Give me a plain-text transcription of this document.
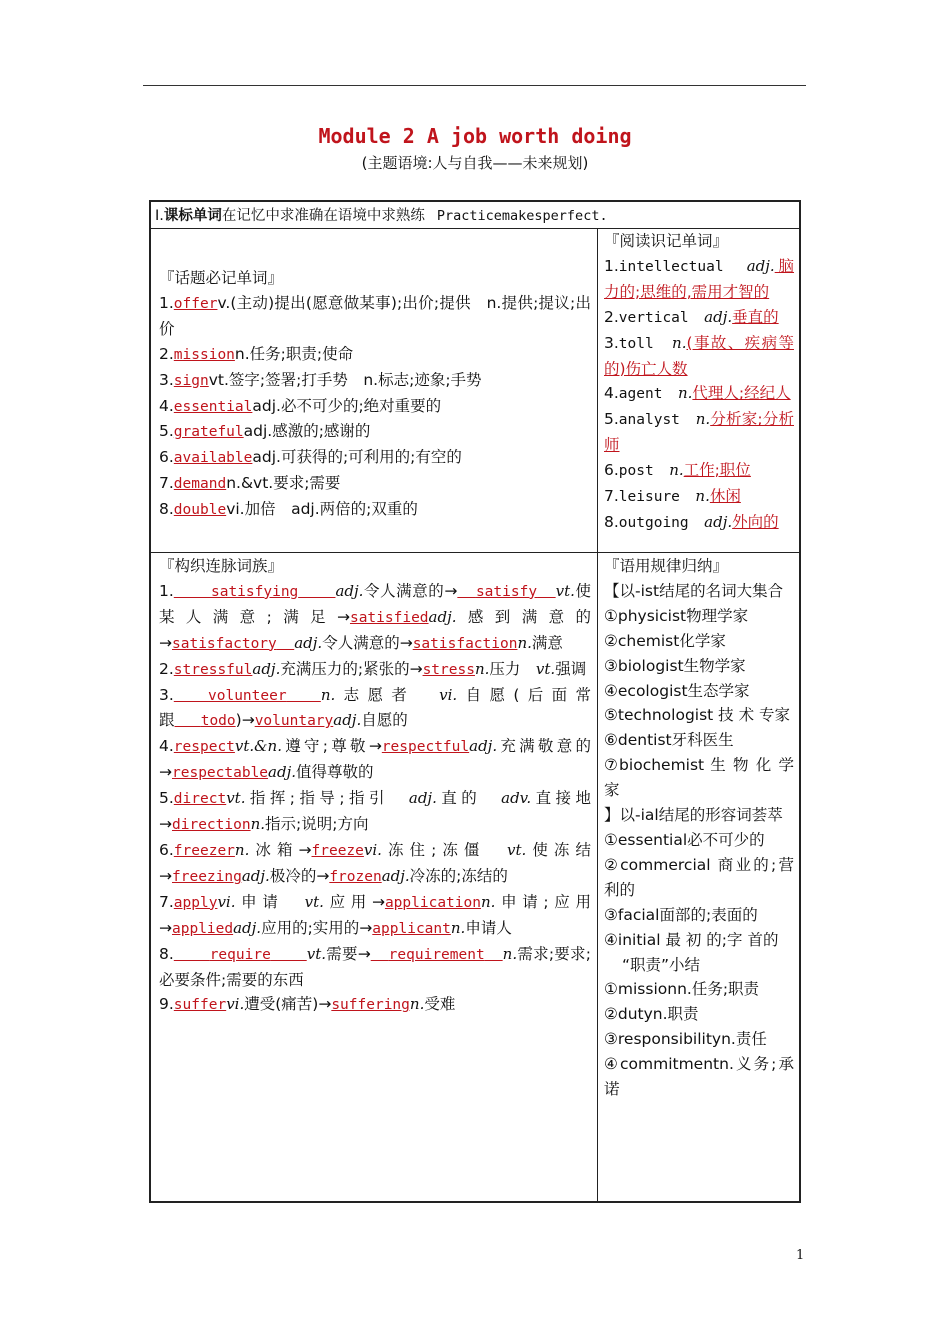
Module 2 A job worth doing
(主题语境:人与自我——未来规划)
Ⅰ.课标单词在记忆中求准确在语境中求熟练 Practicemakesperfect.
『话题必记单词』
1.offerv.(主动)提出(愿意做某事);出价;提供　n.提供;提议;出价
2.missionn.任务;职责;使命
3.signvt.签字;签署;打手势　n.标志;迹象;手势
4.essentialadj.必不可少的;绝对重要的
5.gratefuladj.感激的;感谢的
6.availableadj.可获得的;可利用的;有空的
7.demandn.&vt.要求;需要
8.doublevi.加倍　adj.两倍的;双重的
『阅读识记单词』
1.intellectual　 adj.脑力的;思维的,需用才智的
2.vertical　 adj.垂直的
3.toll　 n.(事故、疾病等的)伤亡人数
4.agent　 n.代理人;经纪人
5.analyst　 n.分析家;分析师
6.post　 n.工作;职位
7.leisure　 n.休闲
8.outgoing　 adj.外向的
『构织连脉词族』
1.	satisfying adj.令人满意的→ satisfy vt.使某人满意;满足→satisfiedadj.感到满意的→satisfactory adj.令人满意的→satisfactionn.满意
2.stressfuladj.充满压力的;紧张的→stressn.压力　vt.强调
3. volunteer n.志愿者　vi.自愿(后面常跟 todo)→voluntaryadj.自愿的
4.respectvt.&n.遵守;尊敬→respectfuladj.充满敬意的→respectableadj.值得尊敬的
5.directvt.指挥;指导;指引　adj.直的　adv.直接地→directionn.指示;说明;方向
6.freezern.冰箱→freezevi.冻住;冻僵　vt.使冻结→freezingadj.极冷的→frozenadj.冷冻的;冻结的
7.applyvi.申请　vt.应用→applicationn.申请;应用→appliedadj.应用的;实用的→applicantn.申请人
8. require vt.需要→ requirement n.需求;要求;必要条件;需要的东西
9.suffervi.遭受(痛苦)→sufferingn.受难
『语用规律归纳』
【以-ist结尾的名词大集合
①physicist物理学家
②chemist化学家
③biologist生物学家
④ecologist生态学家
⑤technologist 技 术 专家
⑥dentist牙科医生
⑦biochemist 生 物 化 学家
】以-ial结尾的形容词荟萃
①essential必不可少的
②commercial 商业的;营利的
③facial面部的;表面的
④initial 最 初 的;字 首的
“职责”小结
①missionn.任务;职责
②dutyn.职责
③responsibilityn.责任
④commitmentn.义务;承诺
1
